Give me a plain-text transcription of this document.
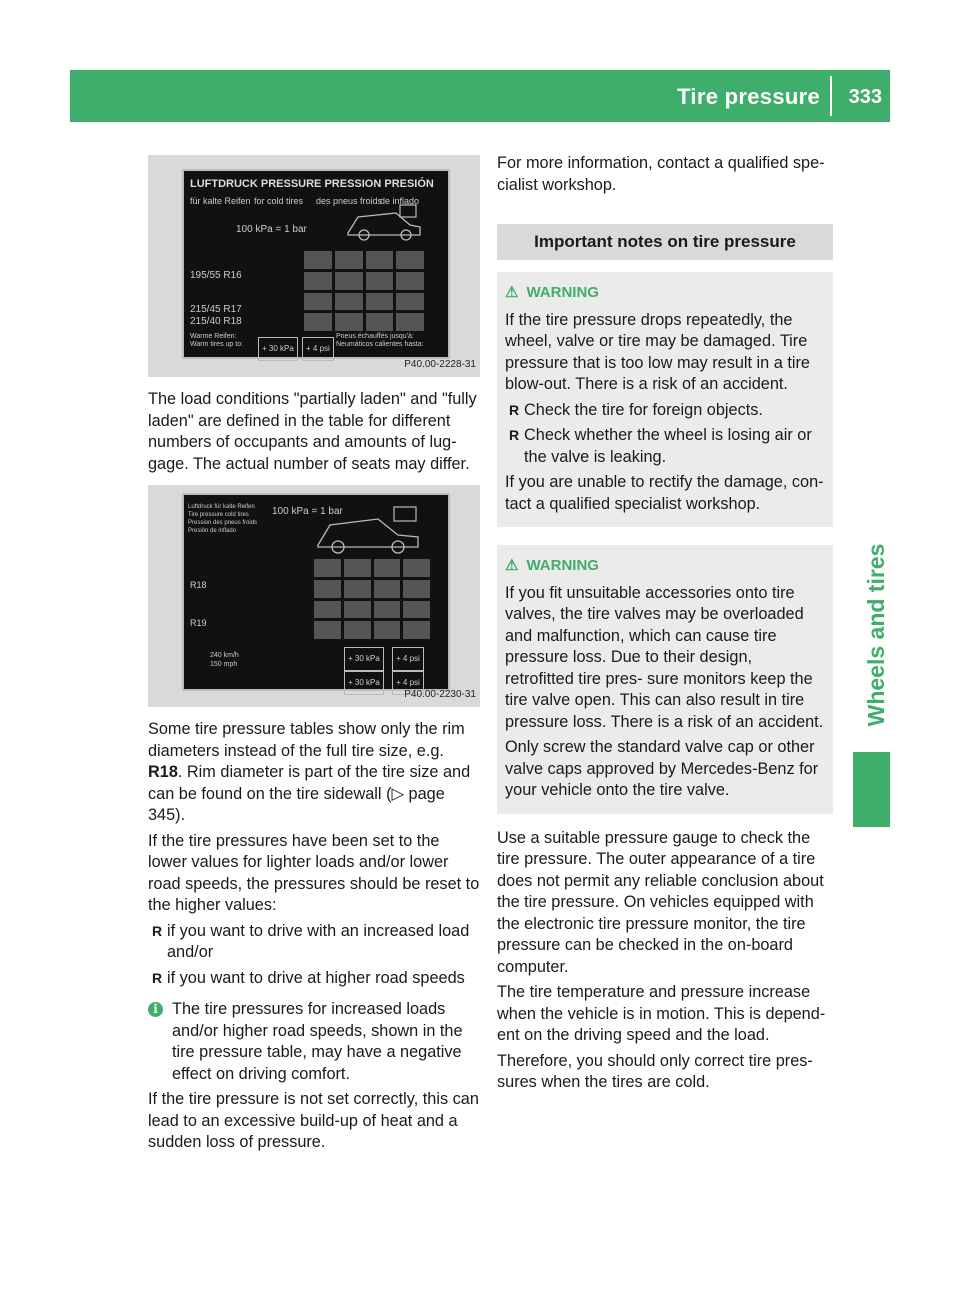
Tire pressure 333
Wheels and tires
LUFTDRUCK PRESSURE PRESSION PRESIÓN
für kalte Reifen for cold tires des pneus froids
de inflado
100 kPa = 1 bar
195/55 R16
215/45 R17
215/40 R18
Warme Reifen: Warm tires up to:	+ 30 kPa	+ 4 psi
Pneus échauffés jusqu'à: Neumáticos calientes hasta:
P40.00-2228-31

The load conditions "partially laden" and "fully laden" are defined in the table for different numbers of occupants and amounts of lug- gage. The actual number of seats may differ.

Luftdruck für kalte Reifen
Tire pressure cold tires
Pression des pneus froids
Presión de inflado
100 kPa = 1 bar
R18
R19
240 km/h
150 mph
+ 30 kPa	+ 4 psi
+ 30 kPa	+ 4 psi
P40.00-2230-31

Some tire pressure tables show only the rim diameters instead of the full tire size, e.g. R18. Rim diameter is part of the tire size and can be found on the tire sidewall (▷ page 345).

If the tire pressures have been set to the lower values for lighter loads and/or lower road speeds, the pressures should be reset to the higher values:

R if you want to drive with an increased load and/or
R if you want to drive at higher road speeds
i The tire pressures for increased loads and/or higher road speeds, shown in the tire pressure table, may have a negative effect on driving comfort.

If the tire pressure is not set correctly, this can lead to an excessive build-up of heat and a sudden loss of pressure.

For more information, contact a qualified spe- cialist workshop.

Important notes on tire pressure
⚠ WARNING

If the tire pressure drops repeatedly, the wheel, valve or tire may be damaged. Tire pressure that is too low may result in a tire blow-out. There is a risk of an accident.

R Check the tire for foreign objects.
R Check whether the wheel is losing air or the valve is leaking.

If you are unable to rectify the damage, con- tact a qualified specialist workshop.

⚠ WARNING

If you fit unsuitable accessories onto tire valves, the tire valves may be overloaded and malfunction, which can cause tire pressure loss. Due to their design, retrofitted tire pres- sure monitors keep the tire valve open. This can also result in tire pressure loss. There is a risk of an accident.

Only screw the standard valve cap or other valve caps approved by Mercedes-Benz for your vehicle onto the tire valve.

Use a suitable pressure gauge to check the tire pressure. The outer appearance of a tire does not permit any reliable conclusion about the tire pressure. On vehicles equipped with the electronic tire pressure monitor, the tire pressure can be checked in the on-board computer.

The tire temperature and pressure increase when the vehicle is in motion. This is depend- ent on the driving speed and the load.

Therefore, you should only correct tire pres- sures when the tires are cold.
